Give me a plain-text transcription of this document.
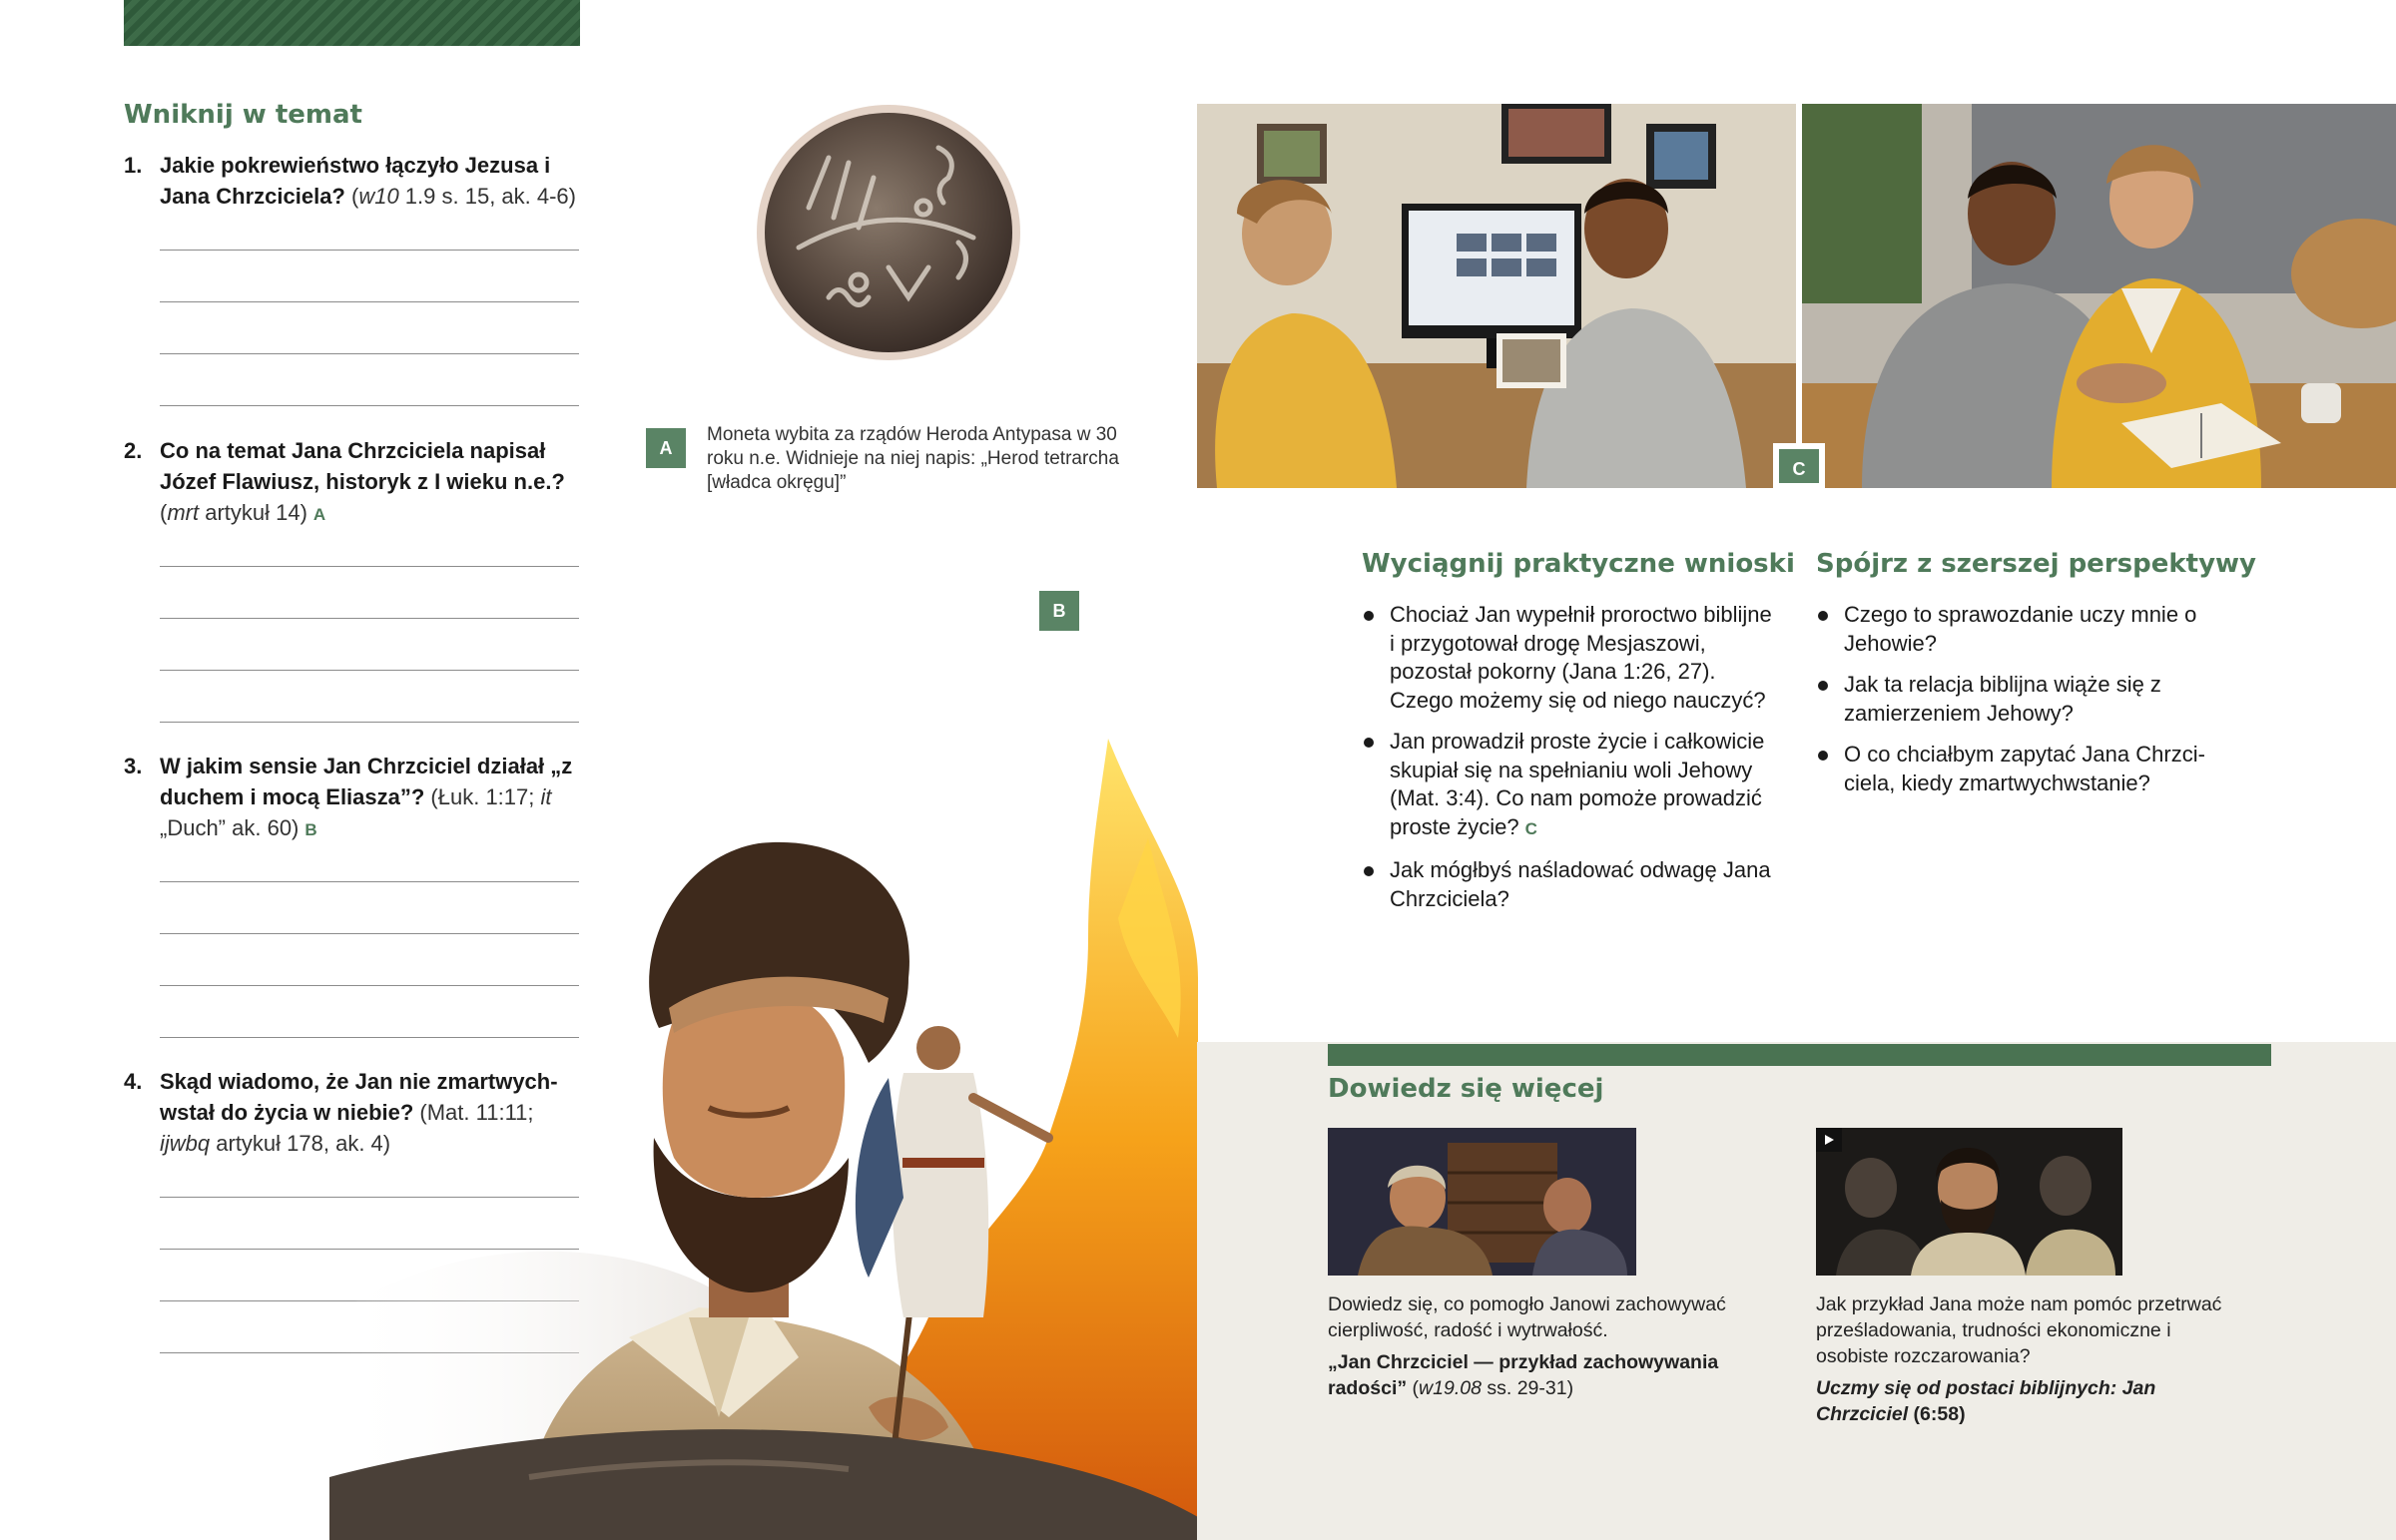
Wniknij w temat
1. Jakie pokrewieństwo łączyło Jezusa i Jana Chrzciciela? (w10 1.9 s. 15, ak. 4-6)
2. Co na temat Jana Chrzciciela napisał Józef Flawiusz, historyk z I wieku n.e.? (mrt artykuł 14) A
3. W jakim sensie Jan Chrzciciel działał „z duchem i mocą Eliasza”? (Łuk. 1:17; it „Duch” ak. 60) B
4. Skąd wiadomo, że Jan nie zmartwychwstał do życia w niebie? (Mat. 11:11; ijwbq artykuł 178, ak. 4)
A
Moneta wybita za rządów Heroda Antypasa w 30 roku n.e. Widnieje na niej napis: „Herod tetrarcha [władca okręgu]”
B
C
Wyciągnij praktyczne wnioski
Chociaż Jan wypełnił proroctwo biblijne i przygotował drogę Mesjaszowi, pozostał pokorny (Jana 1:26, 27). Czego możemy się od niego nauczyć?
Jan prowadził proste życie i całkowicie skupiał się na spełnianiu woli Jehowy (Mat. 3:4). Co nam pomoże prowadzić proste życie? C
Jak mógłbyś naśladować odwagę Jana Chrzciciela?
Spójrz z szerszej perspektywy
Czego to sprawozdanie uczy mnie o Jehowie?
Jak ta relacja biblijna wiąże się z zamierzeniem Jehowy?
O co chciałbym zapytać Jana Chrzciciela, kiedy zmartwychwstanie?
Dowiedz się więcej
Dowiedz się, co pomogło Janowi zachowywać cierpliwość, radość i wytrwałość.
„Jan Chrzciciel — przykład zachowywania radości” (w19.08 ss. 29-31)
Jak przykład Jana może nam pomóc przetrwać prześladowania, trudności ekonomiczne i osobiste rozczarowania?
Uczmy się od postaci biblijnych: Jan Chrzciciel (6:58)
